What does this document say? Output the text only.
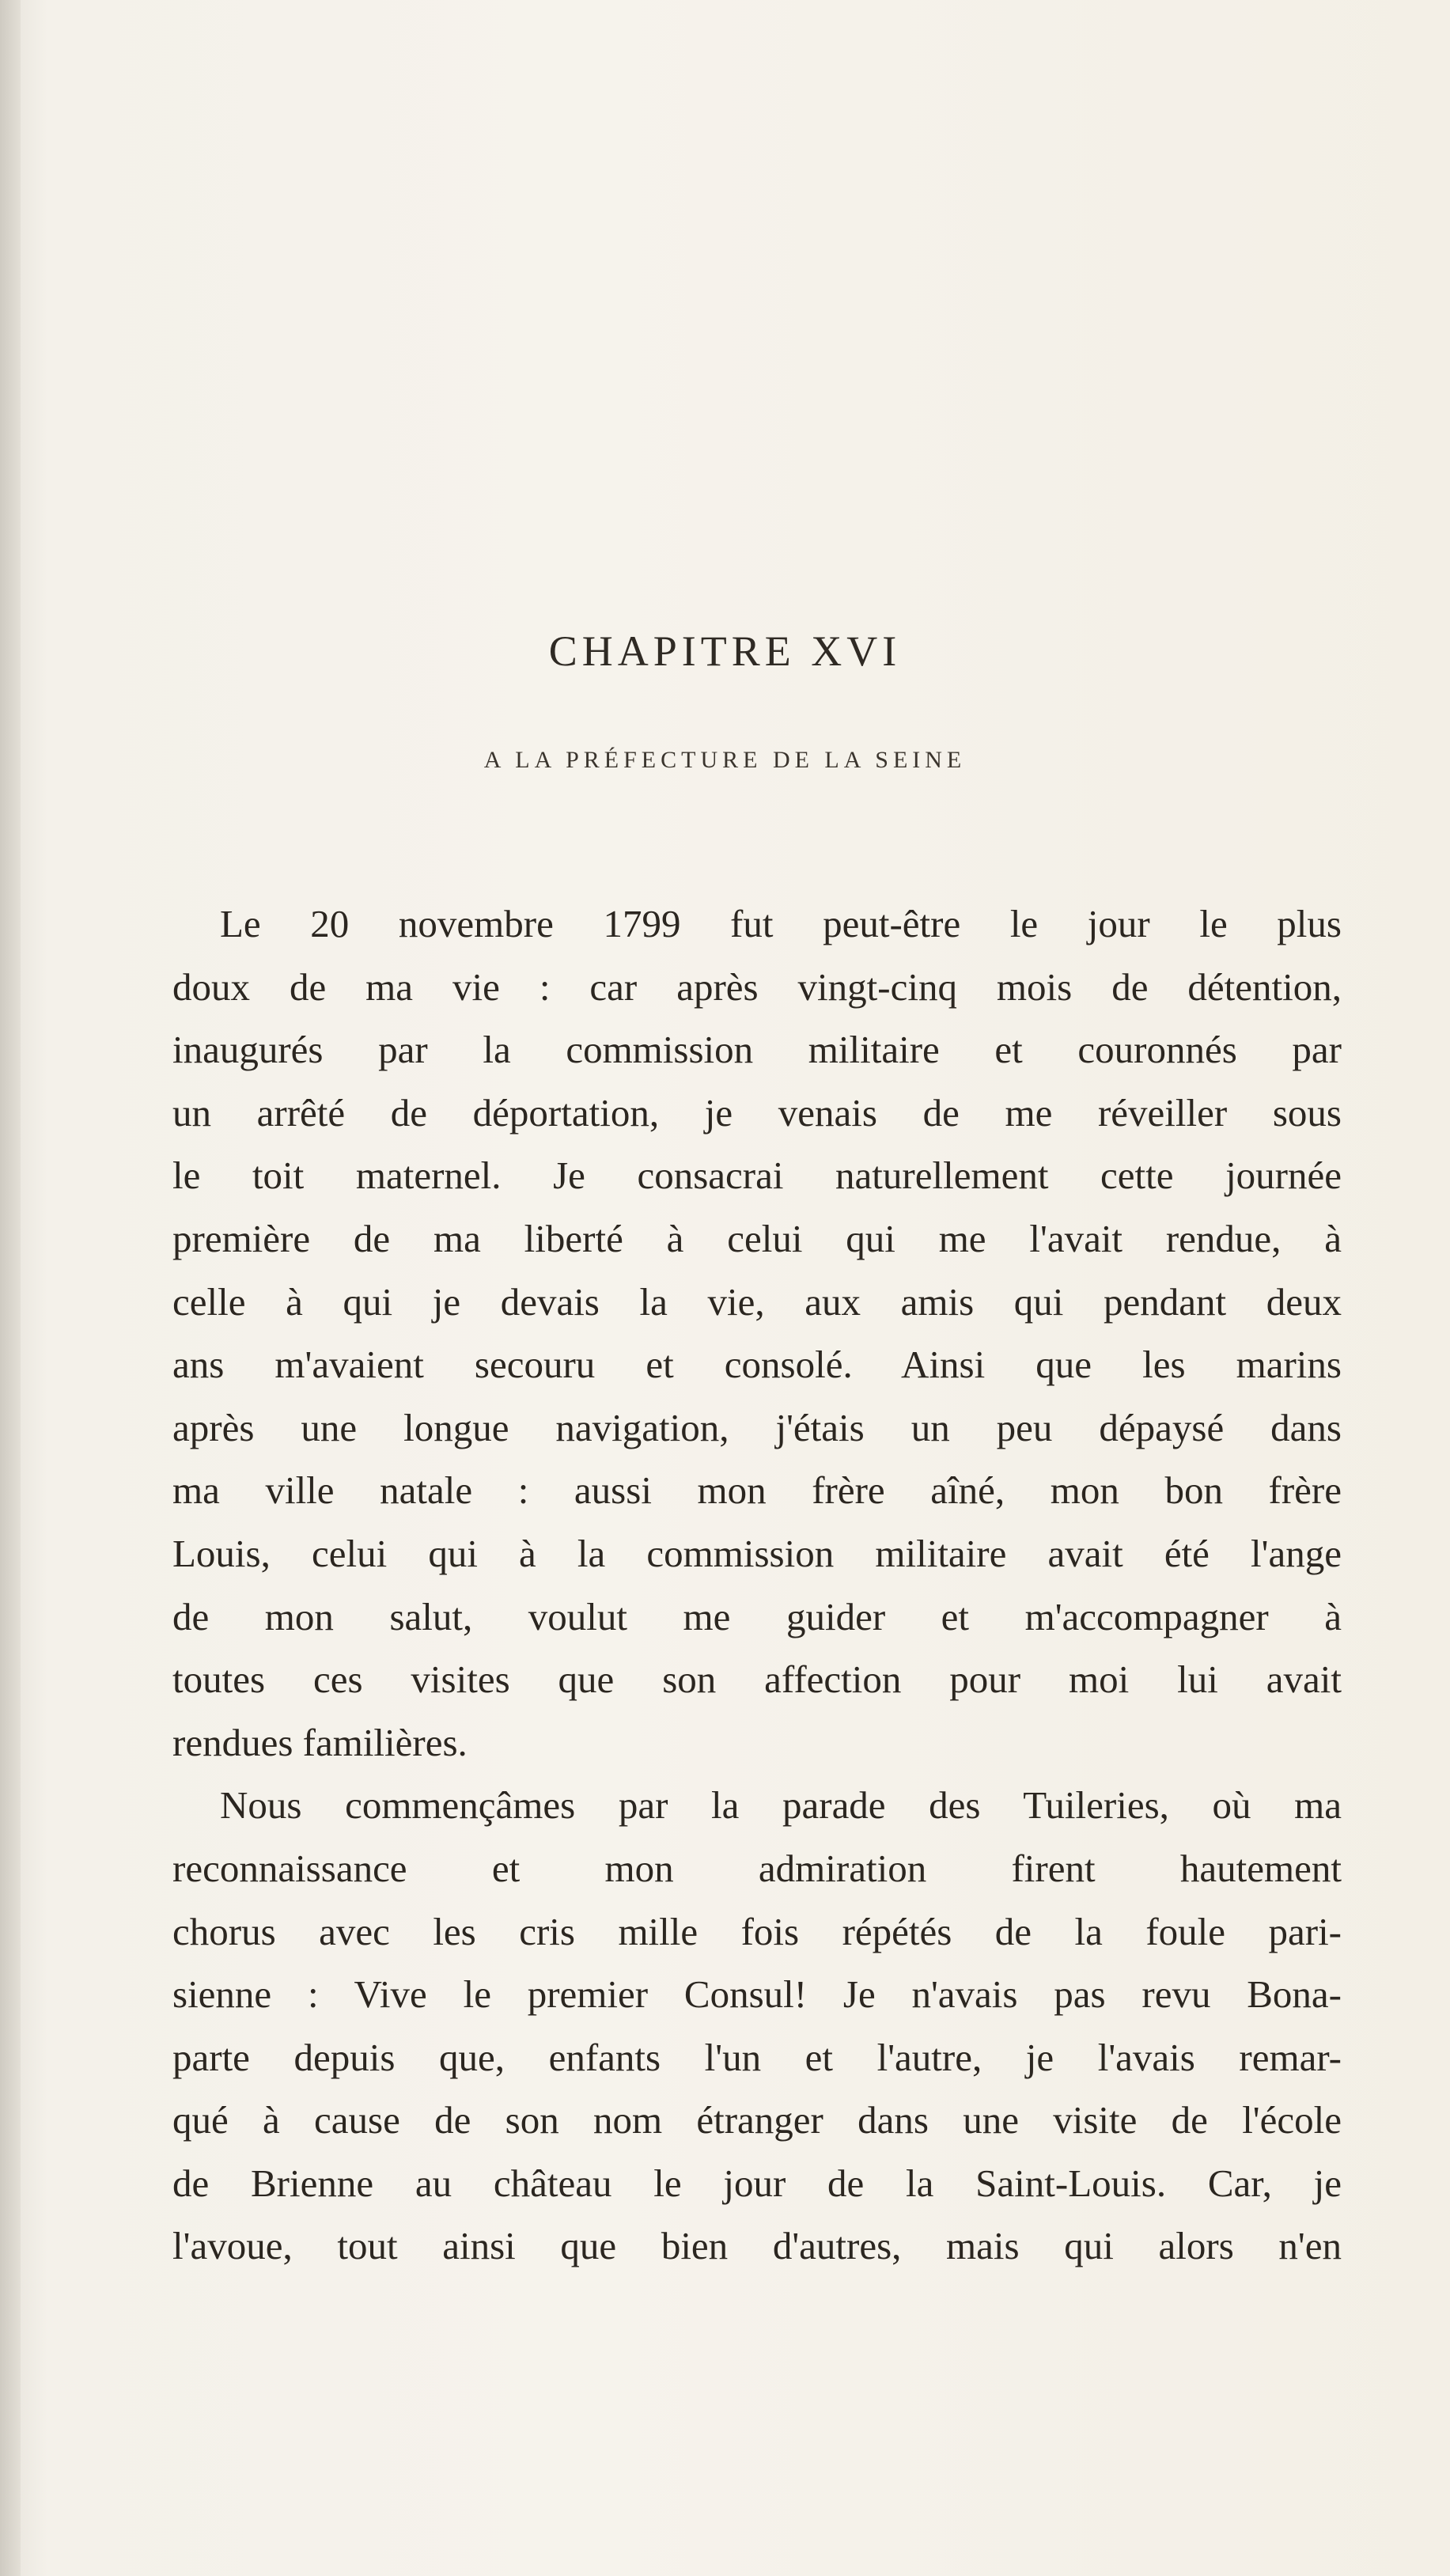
CHAPITRE XVI
A LA PRÉFECTURE DE LA SEINE
Le 20 novembre 1799 fut peut-être le jour le plus
doux de ma vie : car après vingt-cinq mois de détention,
inaugurés par la commission militaire et couronnés par
un arrêté de déportation, je venais de me réveiller sous
le toit maternel. Je consacrai naturellement cette journée
première de ma liberté à celui qui me l'avait rendue, à
celle à qui je devais la vie, aux amis qui pendant deux
ans m'avaient secouru et consolé. Ainsi que les marins
après une longue navigation, j'étais un peu dépaysé dans
ma ville natale : aussi mon frère aîné, mon bon frère
Louis, celui qui à la commission militaire avait été l'ange
de mon salut, voulut me guider et m'accompagner à
toutes ces visites que son affection pour moi lui avait
rendues familières.
Nous commençâmes par la parade des Tuileries, où ma
reconnaissance et mon admiration firent hautement
chorus avec les cris mille fois répétés de la foule pari-
sienne : Vive le premier Consul! Je n'avais pas revu Bona-
parte depuis que, enfants l'un et l'autre, je l'avais remar-
qué à cause de son nom étranger dans une visite de l'école
de Brienne au château le jour de la Saint-Louis. Car, je
l'avoue, tout ainsi que bien d'autres, mais qui alors n'en
